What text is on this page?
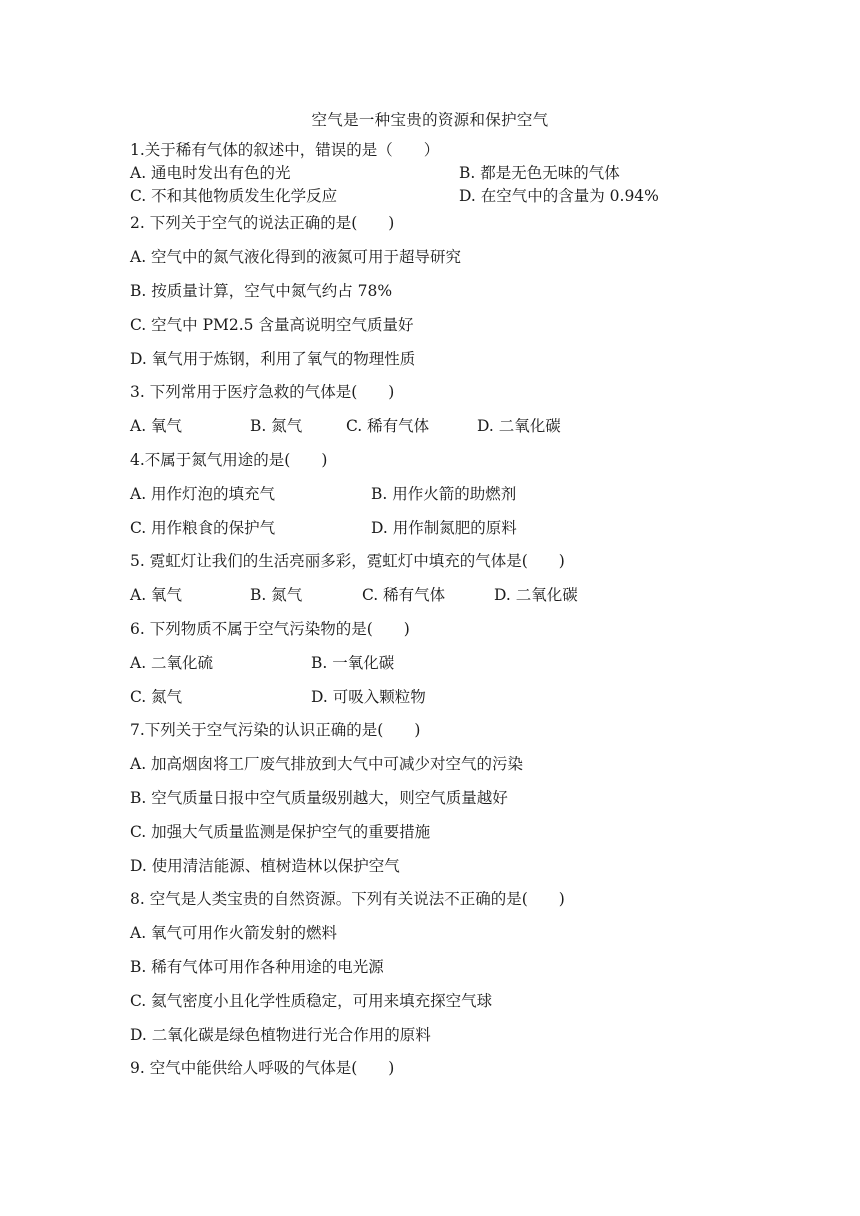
空气是一种宝贵的资源和保护空气
1.关于稀有气体的叙述中，错误的是（　　）
A. 通电时发出有色的光	B. 都是无色无味的气体
C. 不和其他物质发生化学反应	D. 在空气中的含量为 0.94%
2. 下列关于空气的说法正确的是(　　)
A. 空气中的氮气液化得到的液氮可用于超导研究
B. 按质量计算，空气中氮气约占 78%
C. 空气中 PM2.5 含量高说明空气质量好
D. 氧气用于炼钢，利用了氧气的物理性质
3. 下列常用于医疗急救的气体是(　　)
A. 氧气	B. 氮气	C. 稀有气体	D. 二氧化碳
4.不属于氮气用途的是(　　)
A. 用作灯泡的填充气	B. 用作火箭的助燃剂
C. 用作粮食的保护气	D. 用作制氮肥的原料
5. 霓虹灯让我们的生活亮丽多彩，霓虹灯中填充的气体是(　　)
A. 氧气	B. 氮气	C. 稀有气体	D. 二氧化碳
6. 下列物质不属于空气污染物的是(　　)
A. 二氧化硫	B. 一氧化碳
C. 氮气	D. 可吸入颗粒物
7.下列关于空气污染的认识正确的是(　　)
A. 加高烟囱将工厂废气排放到大气中可减少对空气的污染
B. 空气质量日报中空气质量级别越大，则空气质量越好
C. 加强大气质量监测是保护空气的重要措施
D. 使用清洁能源、植树造林以保护空气
8. 空气是人类宝贵的自然资源。下列有关说法不正确的是(　　)
A. 氧气可用作火箭发射的燃料
B. 稀有气体可用作各种用途的电光源
C. 氦气密度小且化学性质稳定，可用来填充探空气球
D. 二氧化碳是绿色植物进行光合作用的原料
9. 空气中能供给人呼吸的气体是(　　)
